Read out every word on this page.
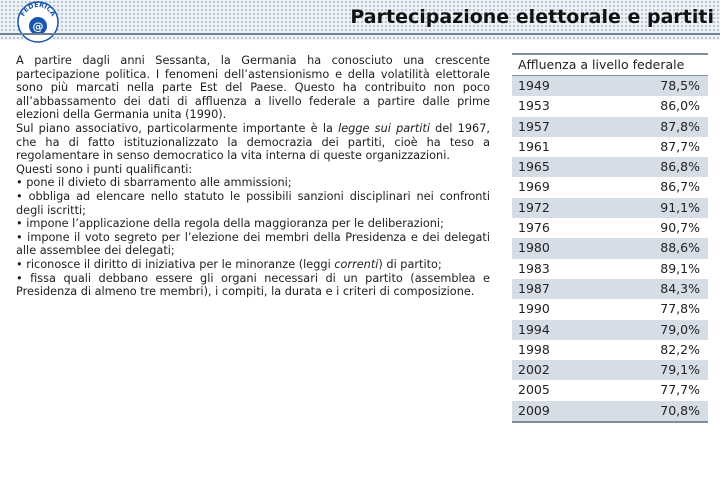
FEDERICA
@	Partecipazione elettorale e partiti

A partire dagli anni Sessanta, la Germania ha conosciuto una crescente partecipazione politica. I fenomeni dell’astensionismo e della volatilità elettorale sono più marcati nella parte Est del Paese. Questo ha contribuito non poco all’abbassamento dei dati di affluenza a livello federale a partire dalle prime elezioni della Germania unita (1990).

Sul piano associativo, particolarmente importante è la legge sui partiti del 1967, che ha di fatto istituzionalizzato la democrazia dei partiti, cioè ha teso a regolamentare in senso democratico la vita interna di queste organizzazioni.

Questi sono i punti qualificanti:

• pone il divieto di sbarramento alle ammissioni;

• obbliga ad elencare nello statuto le possibili sanzioni disciplinari nei confronti degli iscritti;

• impone l’applicazione della regola della maggioranza per le deliberazioni;

• impone il voto segreto per l’elezione dei membri della Presidenza e dei delegati alle assemblee dei delegati;

• riconosce il diritto di iniziativa per le minoranze (leggi correnti) di partito;

• fissa quali debbano essere gli organi necessari di un partito (assemblea e Presidenza di almeno tre membri), i compiti, la durata e i criteri di composizione.

Affluenza a livello federale
1949	78,5%
1953	86,0%
1957	87,8%
1961	87,7%
1965	86,8%
1969	86,7%
1972	91,1%
1976	90,7%
1980	88,6%
1983	89,1%
1987	84,3%
1990	77,8%
1994	79,0%
1998	82,2%
2002	79,1%
2005	77,7%
2009	70,8%
